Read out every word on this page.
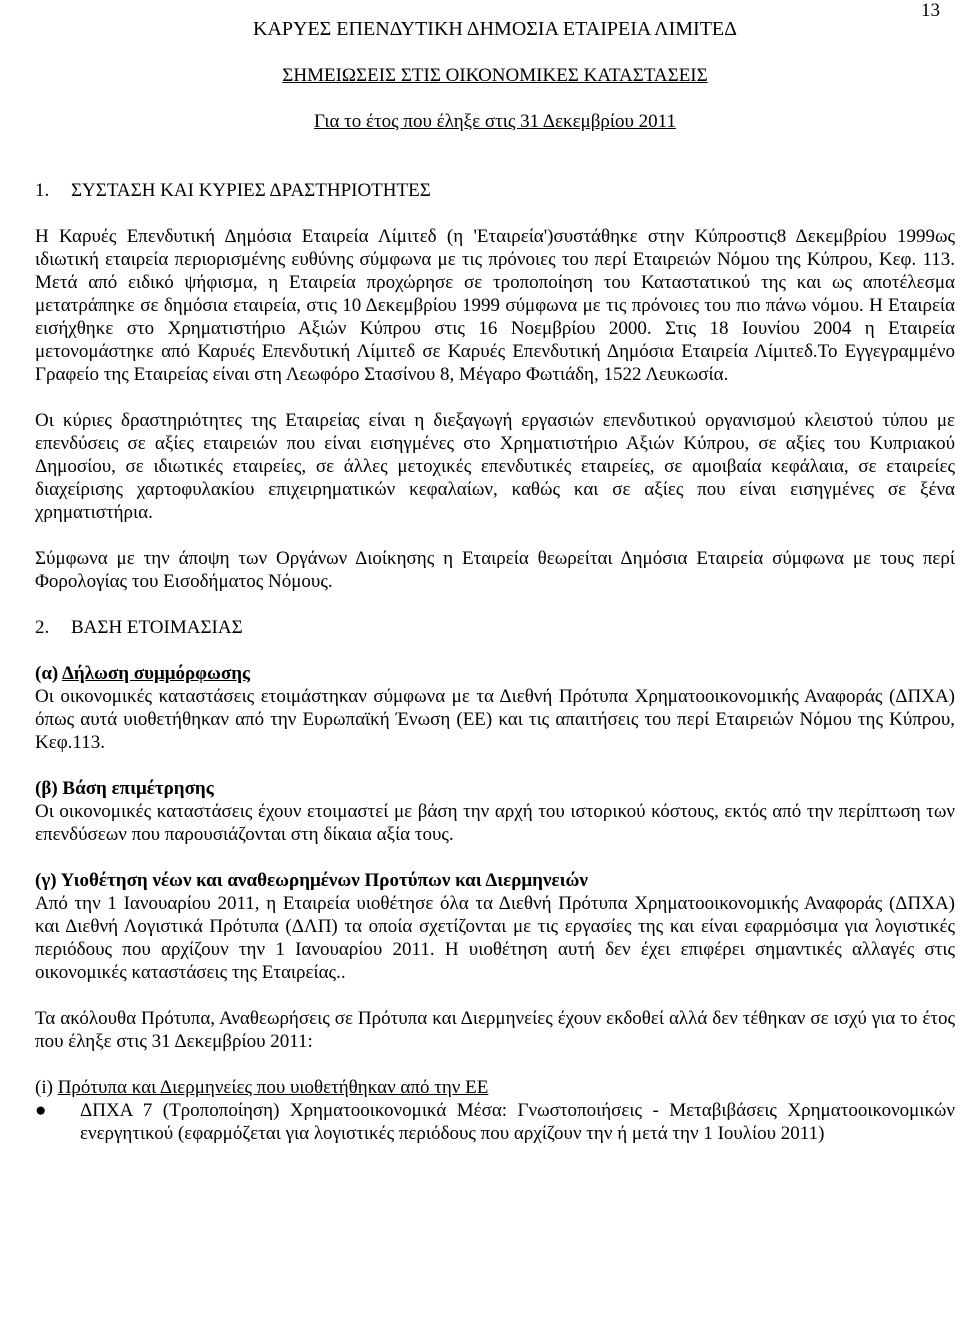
13
ΚΑΡΥΕΣ ΕΠΕΝΔΥΤΙΚΗ ΔΗΜΟΣΙΑ ΕΤΑΙΡΕΙΑ ΛΙΜΙΤΕΔ
ΣΗΜΕΙΩΣΕΙΣ ΣΤΙΣ ΟΙΚΟΝΟΜΙΚΕΣ ΚΑΤΑΣΤΑΣΕΙΣ
Για το έτος που έληξε στις 31 Δεκεμβρίου 2011
1.	ΣΥΣΤΑΣΗ ΚΑΙ ΚΥΡΙΕΣ ΔΡΑΣΤΗΡΙΟΤΗΤΕΣ

Η Καρυές Επενδυτική Δημόσια Εταιρεία Λίμιτεδ (η 'Εταιρεία')συστάθηκε στην Κύπροστις8 Δεκεμβρίου 1999ως ιδιωτική εταιρεία περιορισμένης ευθύνης σύμφωνα με τις πρόνοιες του περί Εταιρειών Νόμου της Κύπρου, Κεφ. 113. Μετά από ειδικό ψήφισμα, η Εταιρεία προχώρησε σε τροποποίηση του Καταστατικού της και ως αποτέλεσμα μετατράπηκε σε δημόσια εταιρεία, στις 10 Δεκεμβρίου 1999 σύμφωνα με τις πρόνοιες του πιο πάνω νόμου. Η Εταιρεία εισήχθηκε στο Χρηματιστήριο Αξιών Κύπρου στις 16 Νοεμβρίου 2000. Στις 18 Ιουνίου 2004 η Εταιρεία μετονομάστηκε από Καρυές Επενδυτική Λίμιτεδ σε Καρυές Επενδυτική Δημόσια Εταιρεία Λίμιτεδ.Το Εγγεγραμμένο Γραφείο της Εταιρείας είναι στη Λεωφόρο Στασίνου 8, Μέγαρο Φωτιάδη, 1522 Λευκωσία.

Οι κύριες δραστηριότητες της Εταιρείας είναι η διεξαγωγή εργασιών επενδυτικού οργανισμού κλειστού τύπου με επενδύσεις σε αξίες εταιρειών που είναι εισηγμένες στο Χρηματιστήριο Αξιών Κύπρου, σε αξίες του Κυπριακού Δημοσίου, σε ιδιωτικές εταιρείες, σε άλλες μετοχικές επενδυτικές εταιρείες, σε αμοιβαία κεφάλαια, σε εταιρείες διαχείρισης χαρτοφυλακίου επιχειρηματικών κεφαλαίων, καθώς και σε αξίες που είναι εισηγμένες σε ξένα χρηματιστήρια.

Σύμφωνα με την άποψη των Οργάνων Διοίκησης η Εταιρεία θεωρείται Δημόσια Εταιρεία σύμφωνα με τους περί Φορολογίας του Εισοδήματος Νόμους.

2.	ΒΑΣΗ ΕΤΟΙΜΑΣΙΑΣ
(α) Δήλωση συμμόρφωσης

Οι οικονομικές καταστάσεις ετοιμάστηκαν σύμφωνα με τα Διεθνή Πρότυπα Χρηματοοικονομικής Αναφοράς (ΔΠΧΑ) όπως αυτά υιοθετήθηκαν από την Ευρωπαϊκή Ένωση (ΕΕ) και τις απαιτήσεις του περί Εταιρειών Νόμου της Κύπρου, Κεφ.113.

(β) Βάση επιμέτρησης

Οι οικονομικές καταστάσεις έχουν ετοιμαστεί με βάση την αρχή του ιστορικού κόστους, εκτός από την περίπτωση των επενδύσεων που παρουσιάζονται στη δίκαια αξία τους.

(γ) Υιοθέτηση νέων και αναθεωρημένων Προτύπων και Διερμηνειών

Από την 1 Ιανουαρίου 2011, η Εταιρεία υιοθέτησε όλα τα Διεθνή Πρότυπα Χρηματοοικονομικής Αναφοράς (ΔΠΧΑ) και Διεθνή Λογιστικά Πρότυπα (ΔΛΠ) τα οποία σχετίζονται με τις εργασίες της και είναι εφαρμόσιμα για λογιστικές περιόδους που αρχίζουν την 1 Ιανουαρίου 2011. Η υιοθέτηση αυτή δεν έχει επιφέρει σημαντικές αλλαγές στις οικονομικές καταστάσεις της Εταιρείας..

Τα ακόλουθα Πρότυπα, Αναθεωρήσεις σε Πρότυπα και Διερμηνείες έχουν εκδοθεί αλλά δεν τέθηκαν σε ισχύ για το έτος που έληξε στις 31 Δεκεμβρίου 2011:

(i) Πρότυπα και Διερμηνείες που υιοθετήθηκαν από την ΕΕ
●	ΔΠΧΑ 7 (Τροποποίηση) Χρηματοοικονομικά Μέσα: Γνωστοποιήσεις - Μεταβιβάσεις Χρηματοοικονομικών ενεργητικού (εφαρμόζεται για λογιστικές περιόδους που αρχίζουν την ή μετά την 1 Ιουλίου 2011)
